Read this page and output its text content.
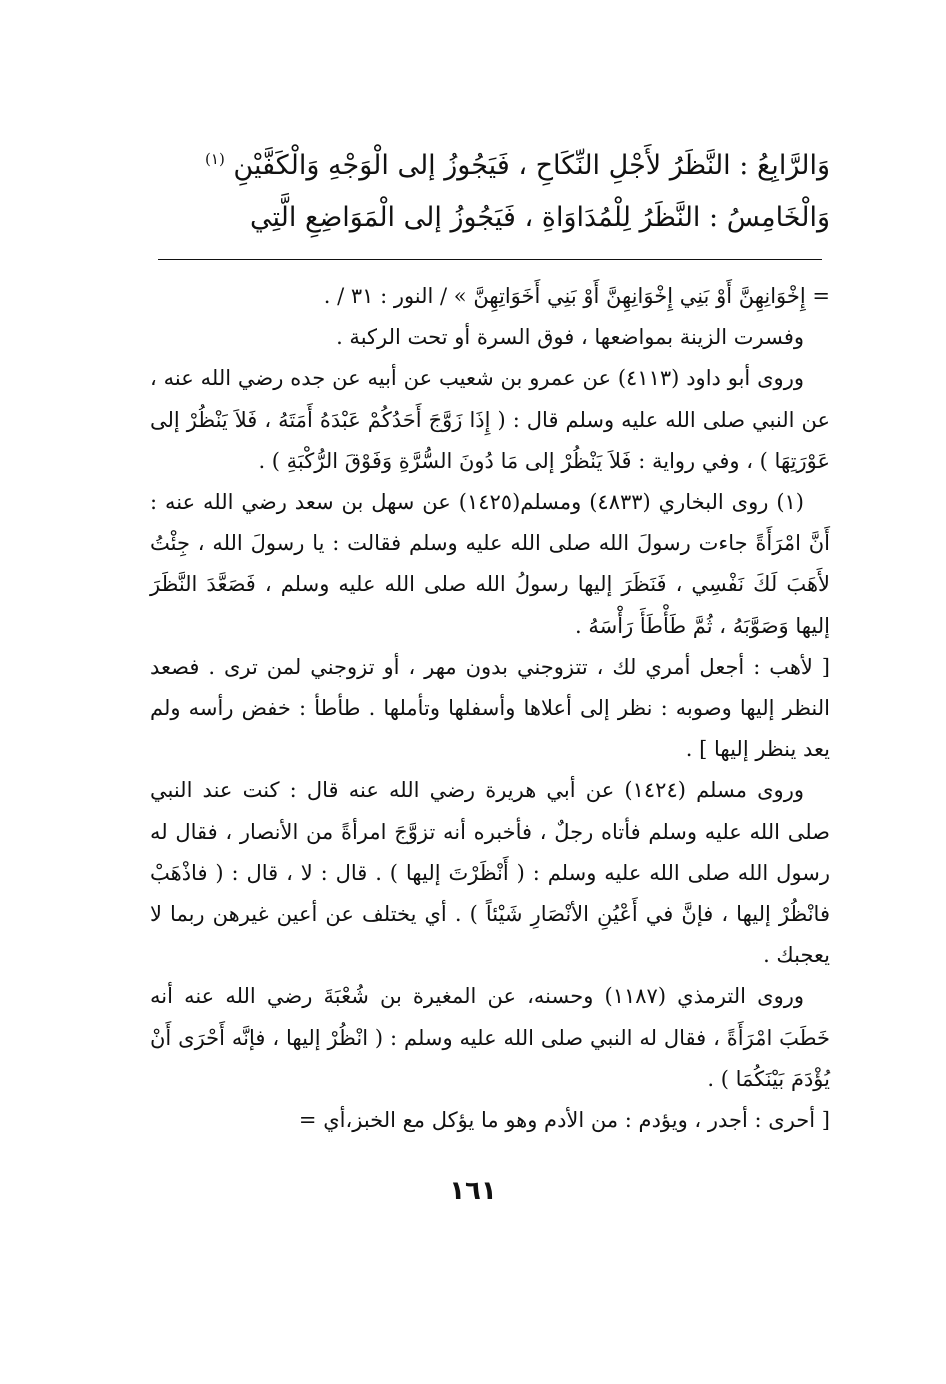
وَالرَّابِعُ : النَّظَرُ لأَجْلِ النِّكَاحِ ، فَيَجُوزُ إلى الْوَجْهِ وَالْكَفَّيْنِ $^{(١)}$

وَالْخَامِسُ : النَّظَرُ لِلْمُدَاوَاةِ ، فَيَجُوزُ إلى الْمَوَاضِعِ الَّتِي

= إِخْوَانِهِنَّ أَوْ بَنِي إِخْوَانِهِنَّ أَوْ بَنِي أَخَوَاتِهِنَّ » / النور : ٣١ / .

وفسرت الزينة بمواضعها ، فوق السرة أو تحت الركبة .

وروى أبو داود (٤١١٣) عن عمرو بن شعيب عن أبيه عن جده رضي الله عنه ، عن النبي صلى الله عليه وسلم قال : ( إِذَا زَوَّجَ أَحَدُكُمْ عَبْدَهُ أَمَتَهُ ، فَلاَ يَنْظُرْ إلى عَوْرَتِهَا ) ، وفي رواية : فَلاَ يَنْظُرْ إلى مَا دُونَ السُّرَّةِ وَفَوْقَ الرُّكْبَةِ ) .

(١) روى البخاري (٤٨٣٣) ومسلم(١٤٢٥) عن سهل بن سعد رضي الله عنه : أَنَّ امْرَأَةً جاءت رسولَ الله صلى الله عليه وسلم فقالت : يا رسولَ الله ، جِئْتُ لأَهَبَ لَكَ نَفْسِي ، فَنَظَرَ إليها رسولُ الله صلى الله عليه وسلم ، فَصَعَّدَ النَّظَرَ إليها وَصَوَّبَهُ ، ثُمَّ طَأْطَأَ رَأْسَهُ .

[ لأهب : أجعل أمري لك ، تتزوجني بدون مهر ، أو تزوجني لمن ترى . فصعد النظر إليها وصوبه : نظر إلى أعلاها وأسفلها وتأملها . طأطأ : خفض رأسه ولم يعد ينظر إليها ] .

وروى مسلم (١٤٢٤) عن أبي هريرة رضي الله عنه قال : كنت عند النبي صلى الله عليه وسلم فأتاه رجلٌ ، فأخبره أنه تزوَّجَ امرأةً من الأنصار ، فقال له رسول الله صلى الله عليه وسلم : ( أَنْظَرْتَ إليها ) . قال : لا ، قال : ( فاذْهَبْ فانْظُرْ إليها ، فإنَّ في أَعْيُنِ الأنْصَارِ شَيْئاً ) . أي يختلف عن أعين غيرهن ربما لا يعجبك .

وروى الترمذي (١١٨٧) وحسنه، عن المغيرة بن شُعْبَةَ رضي الله عنه أنه خَطَبَ امْرَأَةً ، فقال له النبي صلى الله عليه وسلم : ( انْظُرْ إليها ، فإنَّه أَحْرَى أَنْ يُؤْدَمَ بَيْنَكُمَا ) .

[ أحرى : أجدر ، ويؤدم : من الأدم وهو ما يؤكل مع الخبز،أي =

١٦١
